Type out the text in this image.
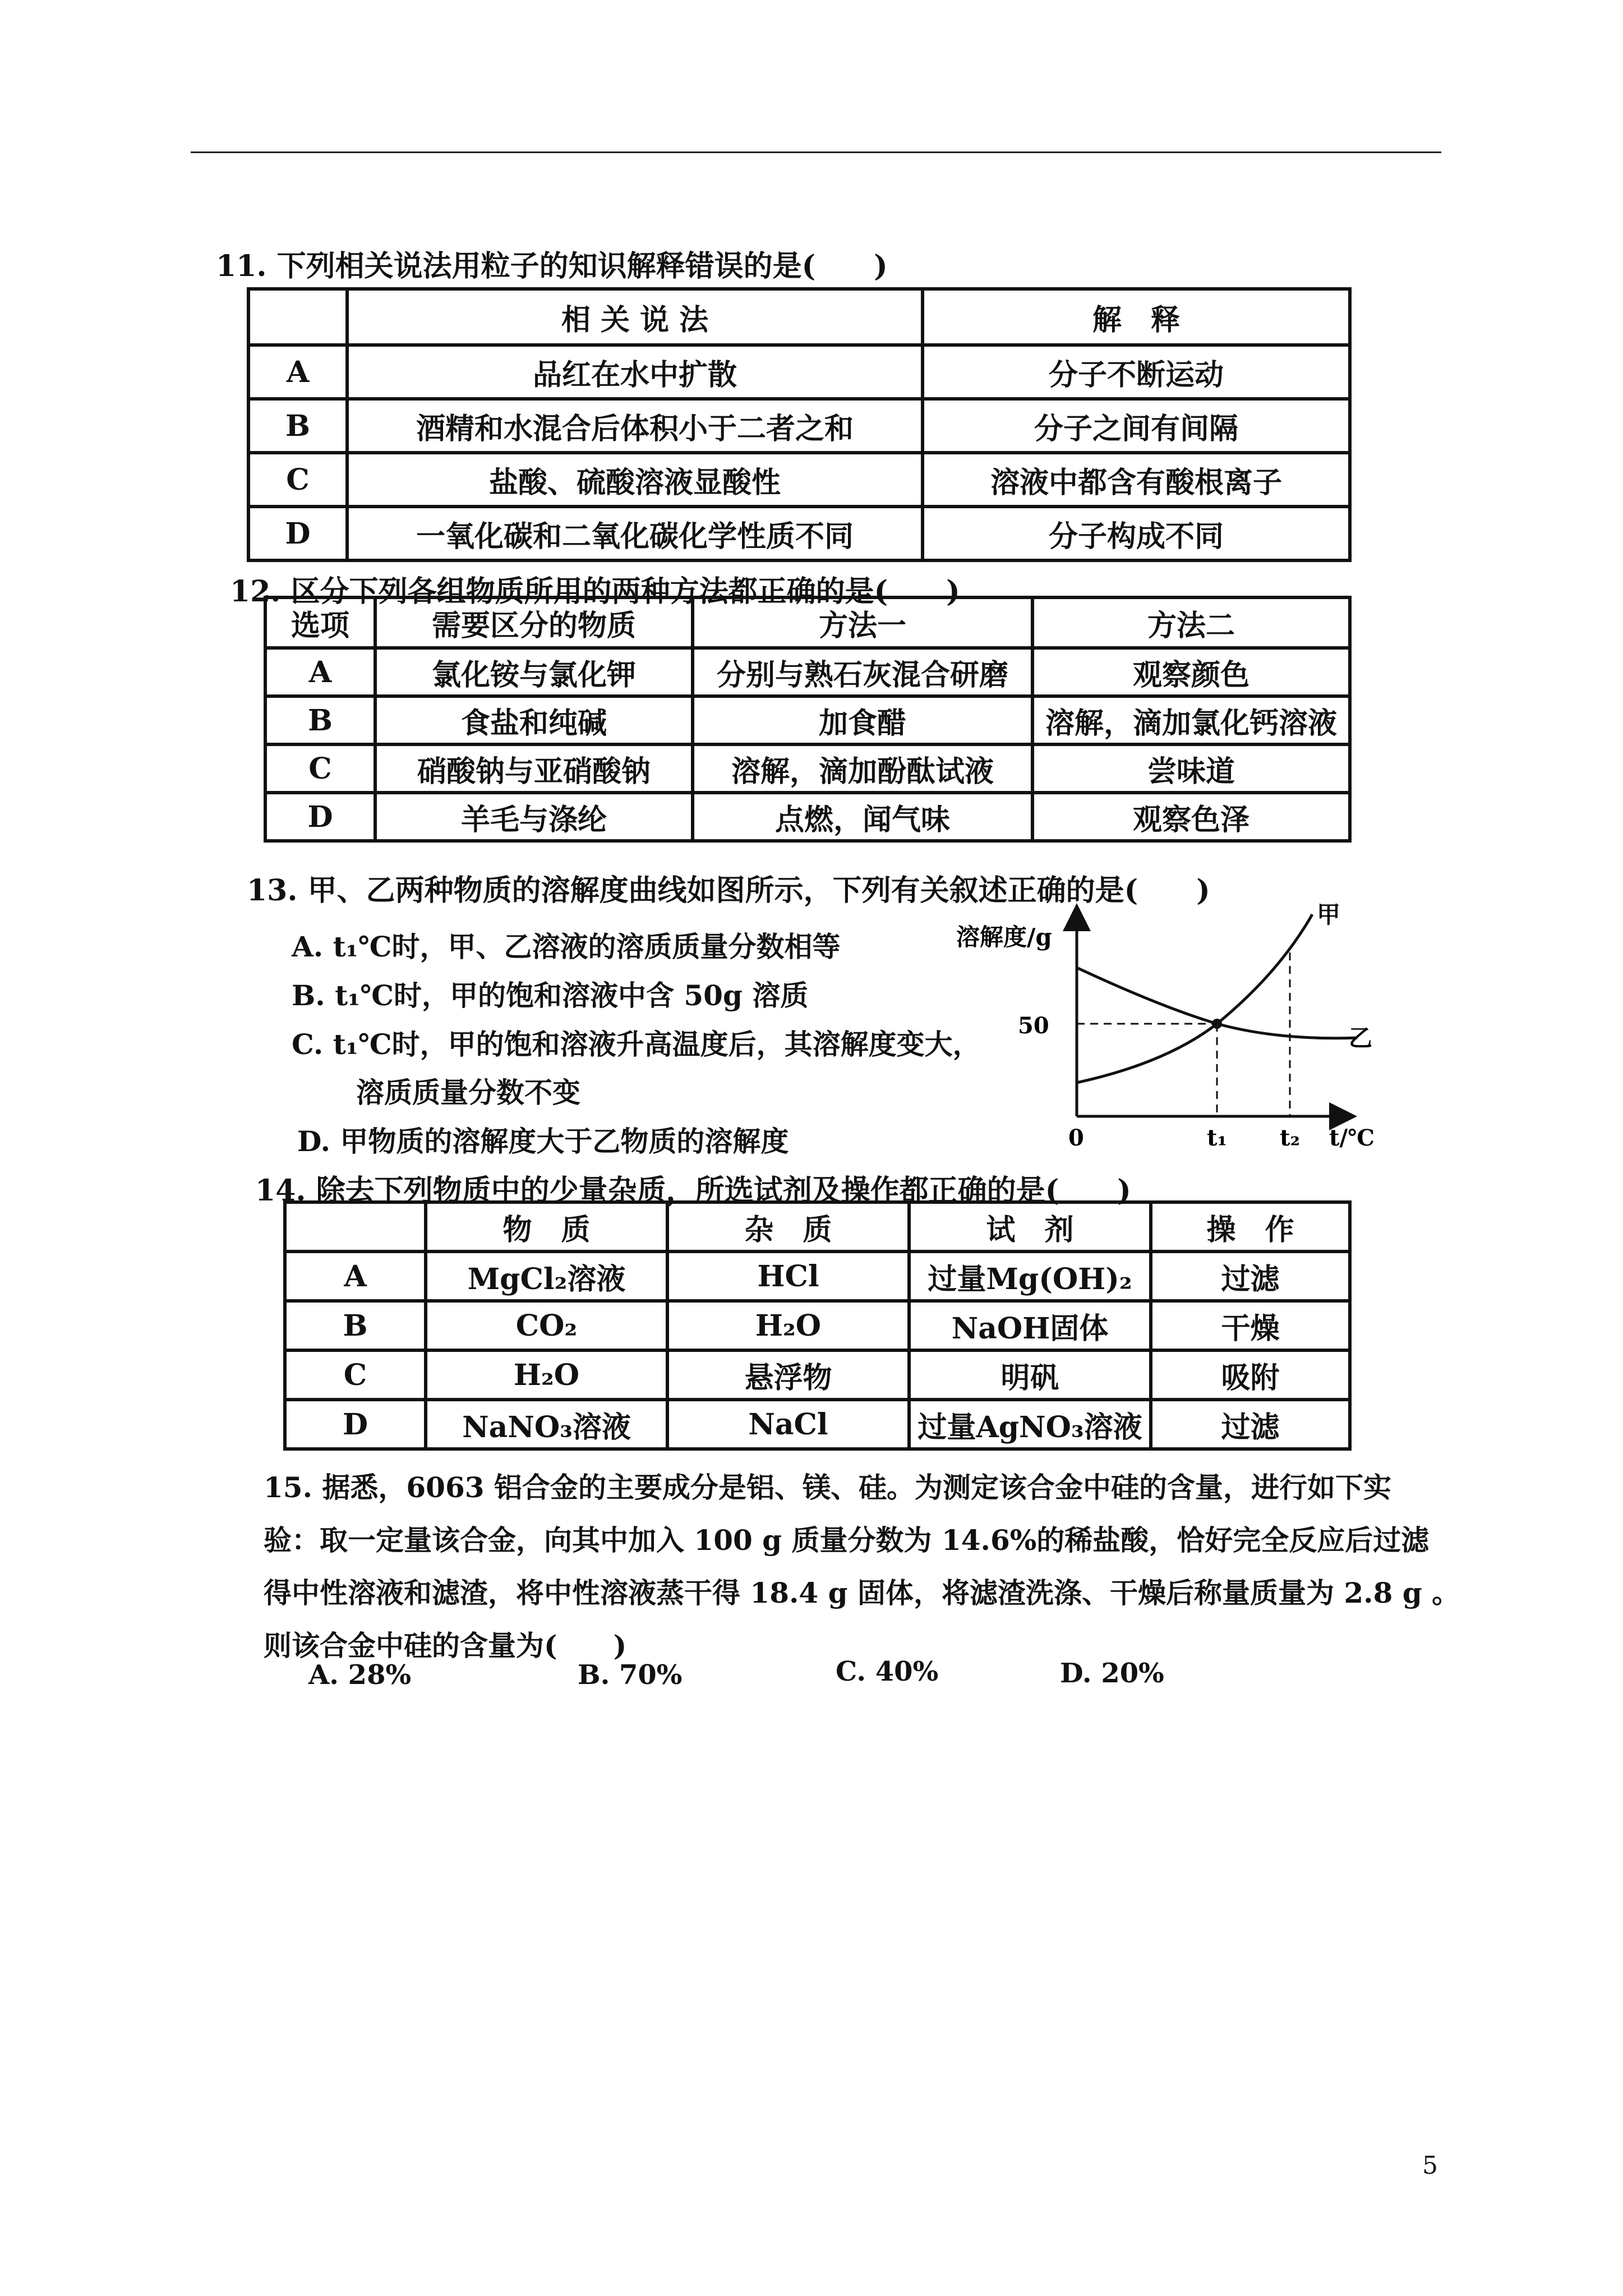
11. 下列相关说法用粒子的知识解释错误的是(　　)
	相 关 说 法	解　释
A	品红在水中扩散	分子不断运动
B	酒精和水混合后体积小于二者之和	分子之间有间隔
C	盐酸、硫酸溶液显酸性	溶液中都含有酸根离子
D	一氧化碳和二氧化碳化学性质不同	分子构成不同
12. 区分下列各组物质所用的两种方法都正确的是(　　)
选项	需要区分的物质	方法一	方法二
A	氯化铵与氯化钾	分别与熟石灰混合研磨	观察颜色
B	食盐和纯碱	加食醋	溶解，滴加氯化钙溶液
C	硝酸钠与亚硝酸钠	溶解，滴加酚酞试液	尝味道
D	羊毛与涤纶	点燃，闻气味	观察色泽
13. 甲、乙两种物质的溶解度曲线如图所示，下列有关叙述正确的是(　　)
A. t₁℃时，甲、乙溶液的溶质质量分数相等
B. t₁℃时，甲的饱和溶液中含 50g 溶质
C. t₁℃时，甲的饱和溶液升高温度后，其溶解度变大，
溶质质量分数不变
D. 甲物质的溶解度大于乙物质的溶解度
溶解度/g
50
0	t₁ t₂ t/℃
甲
乙
14. 除去下列物质中的少量杂质，所选试剂及操作都正确的是(　　)
	物　质	杂　质	试　剂	操　作
A	MgCl₂溶液	HCl	过量Mg(OH)₂	过滤
B	CO₂	H₂O	NaOH固体	干燥
C	H₂O	悬浮物	明矾	吸附
D	NaNO₃溶液	NaCl	过量AgNO₃溶液	过滤

15. 据悉，6063 铝合金的主要成分是铝、镁、硅。为测定该合金中硅的含量，进行如下实

验：取一定量该合金，向其中加入 100 g 质量分数为 14.6%的稀盐酸，恰好完全反应后过滤

得中性溶液和滤渣，将中性溶液蒸干得 18.4 g 固体，将滤渣洗涤、干燥后称量质量为 2.8 g 。

则该合金中硅的含量为(　　)

A. 28%	B. 70%	C. 40%	D. 20%
5
